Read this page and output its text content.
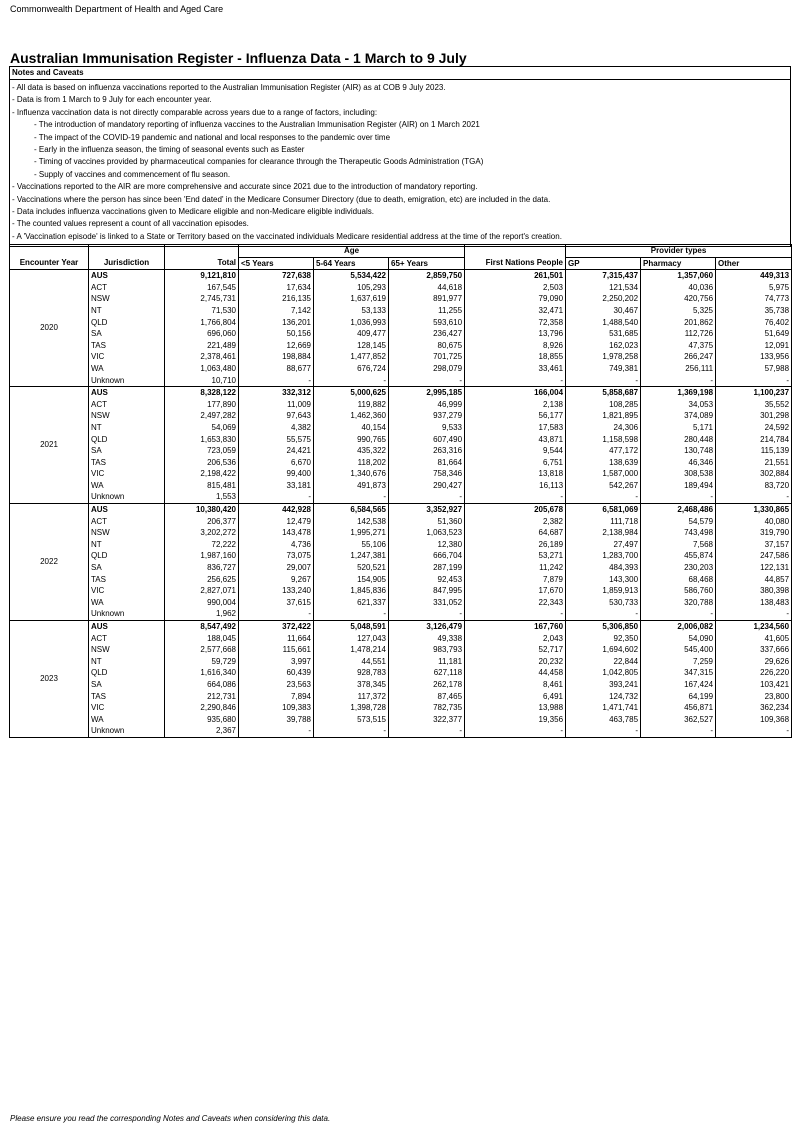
Commonwealth Department of Health and Aged Care
Australian Immunisation Register - Influenza Data - 1 March to 9 July
Notes and Caveats
- All data is based on influenza vaccinations reported to the Australian Immunisation Register (AIR) as at COB 9 July 2023.
- Data is from 1 March to 9 July for each encounter year.
- Influenza vaccination data is not directly comparable across years due to a range of factors, including:
- The introduction of mandatory reporting of influenza vaccines to the Australian Immunisation Register (AIR) on 1 March 2021
- The impact of the COVID-19 pandemic and national and local responses to the pandemic over time
- Early in the influenza season, the timing of seasonal events such as Easter
- Timing of vaccines provided by pharmaceutical companies for clearance through the Therapeutic Goods Administration (TGA)
- Supply of vaccines and commencement of flu season.
- Vaccinations reported to the AIR are more comprehensive and accurate since 2021 due to the introduction of mandatory reporting.
- Vaccinations where the person has since been 'End dated' in the Medicare Consumer Directory (due to death, emigration, etc) are included in the data.
- Data includes influenza vaccinations given to Medicare eligible and non-Medicare eligible individuals.
- The counted values represent a count of all vaccination episodes.
- A 'Vaccination episode' is linked to a State or Territory based on the vaccinated individuals Medicare residential address at the time of the report's creation.
			Age				Provider types		
Encounter Year	Jurisdiction	Total	<5 Years	5-64 Years	65+ Years	First Nations People	GP	Pharmacy	Other
2020	AUS	9,121,810	727,638	5,534,422	2,859,750	261,501	7,315,437	1,357,060	449,313
	ACT	167,545	17,634	105,293	44,618	2,503	121,534	40,036	5,975
	NSW	2,745,731	216,135	1,637,619	891,977	79,090	2,250,202	420,756	74,773
	NT	71,530	7,142	53,133	11,255	32,471	30,467	5,325	35,738
	QLD	1,766,804	136,201	1,036,993	593,610	72,358	1,488,540	201,862	76,402
	SA	696,060	50,156	409,477	236,427	13,796	531,685	112,726	51,649
	TAS	221,489	12,669	128,145	80,675	8,926	162,023	47,375	12,091
	VIC	2,378,461	198,884	1,477,852	701,725	18,855	1,978,258	266,247	133,956
	WA	1,063,480	88,677	676,724	298,079	33,461	749,381	256,111	57,988
	Unknown	10,710	-	-	-	-	-	-	-
2021	AUS	8,328,122	332,312	5,000,625	2,995,185	166,004	5,858,687	1,369,198	1,100,237
	ACT	177,890	11,009	119,882	46,999	2,138	108,285	34,053	35,552
	NSW	2,497,282	97,643	1,462,360	937,279	56,177	1,821,895	374,089	301,298
	NT	54,069	4,382	40,154	9,533	17,583	24,306	5,171	24,592
	QLD	1,653,830	55,575	990,765	607,490	43,871	1,158,598	280,448	214,784
	SA	723,059	24,421	435,322	263,316	9,544	477,172	130,748	115,139
	TAS	206,536	6,670	118,202	81,664	6,751	138,639	46,346	21,551
	VIC	2,198,422	99,400	1,340,676	758,346	13,818	1,587,000	308,538	302,884
	WA	815,481	33,181	491,873	290,427	16,113	542,267	189,494	83,720
	Unknown	1,553	-	-	-	-	-	-	-
2022	AUS	10,380,420	442,928	6,584,565	3,352,927	205,678	6,581,069	2,468,486	1,330,865
	ACT	206,377	12,479	142,538	51,360	2,382	111,718	54,579	40,080
	NSW	3,202,272	143,478	1,995,271	1,063,523	64,687	2,138,984	743,498	319,790
	NT	72,222	4,736	55,106	12,380	26,189	27,497	7,568	37,157
	QLD	1,987,160	73,075	1,247,381	666,704	53,271	1,283,700	455,874	247,586
	SA	836,727	29,007	520,521	287,199	11,242	484,393	230,203	122,131
	TAS	256,625	9,267	154,905	92,453	7,879	143,300	68,468	44,857
	VIC	2,827,071	133,240	1,845,836	847,995	17,670	1,859,913	586,760	380,398
	WA	990,004	37,615	621,337	331,052	22,343	530,733	320,788	138,483
	Unknown	1,962	-	-	-	-	-	-	-
2023	AUS	8,547,492	372,422	5,048,591	3,126,479	167,760	5,306,850	2,006,082	1,234,560
	ACT	188,045	11,664	127,043	49,338	2,043	92,350	54,090	41,605
	NSW	2,577,668	115,661	1,478,214	983,793	52,717	1,694,602	545,400	337,666
	NT	59,729	3,997	44,551	11,181	20,232	22,844	7,259	29,626
	QLD	1,616,340	60,439	928,783	627,118	44,458	1,042,805	347,315	226,220
	SA	664,086	23,563	378,345	262,178	8,461	393,241	167,424	103,421
	TAS	212,731	7,894	117,372	87,465	6,491	124,732	64,199	23,800
	VIC	2,290,846	109,383	1,398,728	782,735	13,988	1,471,741	456,871	362,234
	WA	935,680	39,788	573,515	322,377	19,356	463,785	362,527	109,368
	Unknown	2,367	-	-	-	-	-	-	-
Please ensure you read the corresponding Notes and Caveats when considering this data.
